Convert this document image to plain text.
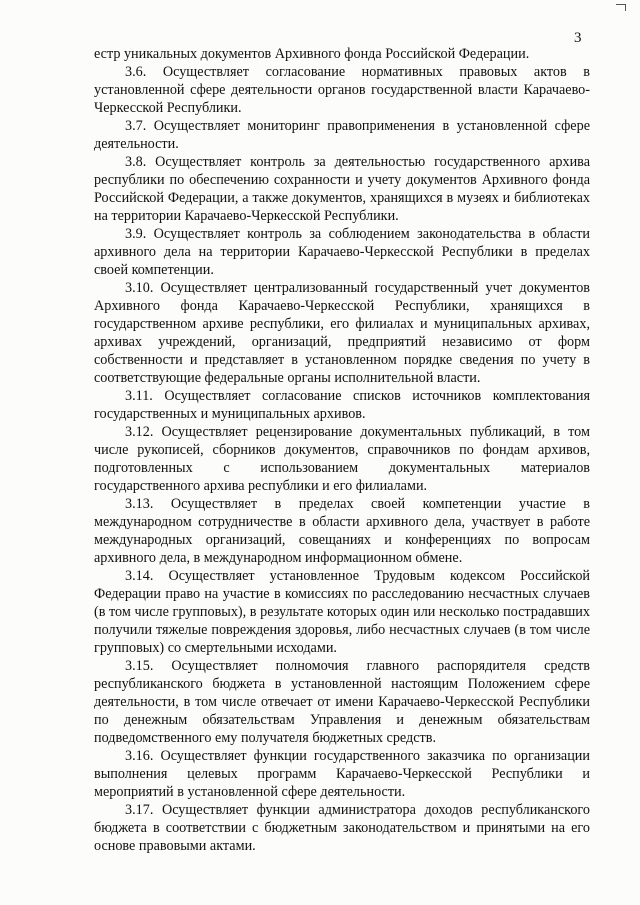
3

естр уникальных документов Архивного фонда Российской Федерации.

3.6. Осуществляет согласование нормативных правовых актов в установленной сфере деятельности органов государственной власти Карачаево-Черкесской Республики.

3.7. Осуществляет мониторинг правоприменения в установленной сфере деятельности.

3.8. Осуществляет контроль за деятельностью государственного архива республики по обеспечению сохранности и учету документов Архивного фонда Российской Федерации, а также документов, хранящихся в музеях и библиотеках на территории Карачаево-Черкесской Республики.

3.9. Осуществляет контроль за соблюдением законодательства в области архивного дела на территории Карачаево-Черкесской Республики в пределах своей компетенции.

3.10. Осуществляет централизованный государственный учет документов Архивного фонда Карачаево-Черкесской Республики, хранящихся в государственном архиве республики, его филиалах и муниципальных архивах, архивах учреждений, организаций, предприятий независимо от форм собственности и представляет в установленном порядке сведения по учету в соответствующие федеральные органы исполнительной власти.

3.11. Осуществляет согласование списков источников комплектования государственных и муниципальных архивов.

3.12. Осуществляет рецензирование документальных публикаций, в том числе рукописей, сборников документов, справочников по фондам архивов, подготовленных с использованием документальных материалов государственного архива республики и его филиалами.

3.13. Осуществляет в пределах своей компетенции участие в международном сотрудничестве в области архивного дела, участвует в работе международных организаций, совещаниях и конференциях по вопросам архивного дела, в международном информационном обмене.

3.14. Осуществляет установленное Трудовым кодексом Российской Федерации право на участие в комиссиях по расследованию несчастных случаев (в том числе групповых), в результате которых один или несколько пострадавших получили тяжелые повреждения здоровья, либо несчастных случаев (в том числе групповых) со смертельными исходами.

3.15. Осуществляет полномочия главного распорядителя средств республиканского бюджета в установленной настоящим Положением сфере деятельности, в том числе отвечает от имени Карачаево-Черкесской Республики по денежным обязательствам Управления и денежным обязательствам подведомственного ему получателя бюджетных средств.

3.16. Осуществляет функции государственного заказчика по организации выполнения целевых программ Карачаево-Черкесской Республики и мероприятий в установленной сфере деятельности.

3.17. Осуществляет функции администратора доходов республиканского бюджета в соответствии с бюджетным законодательством и принятыми на его основе правовыми актами.
